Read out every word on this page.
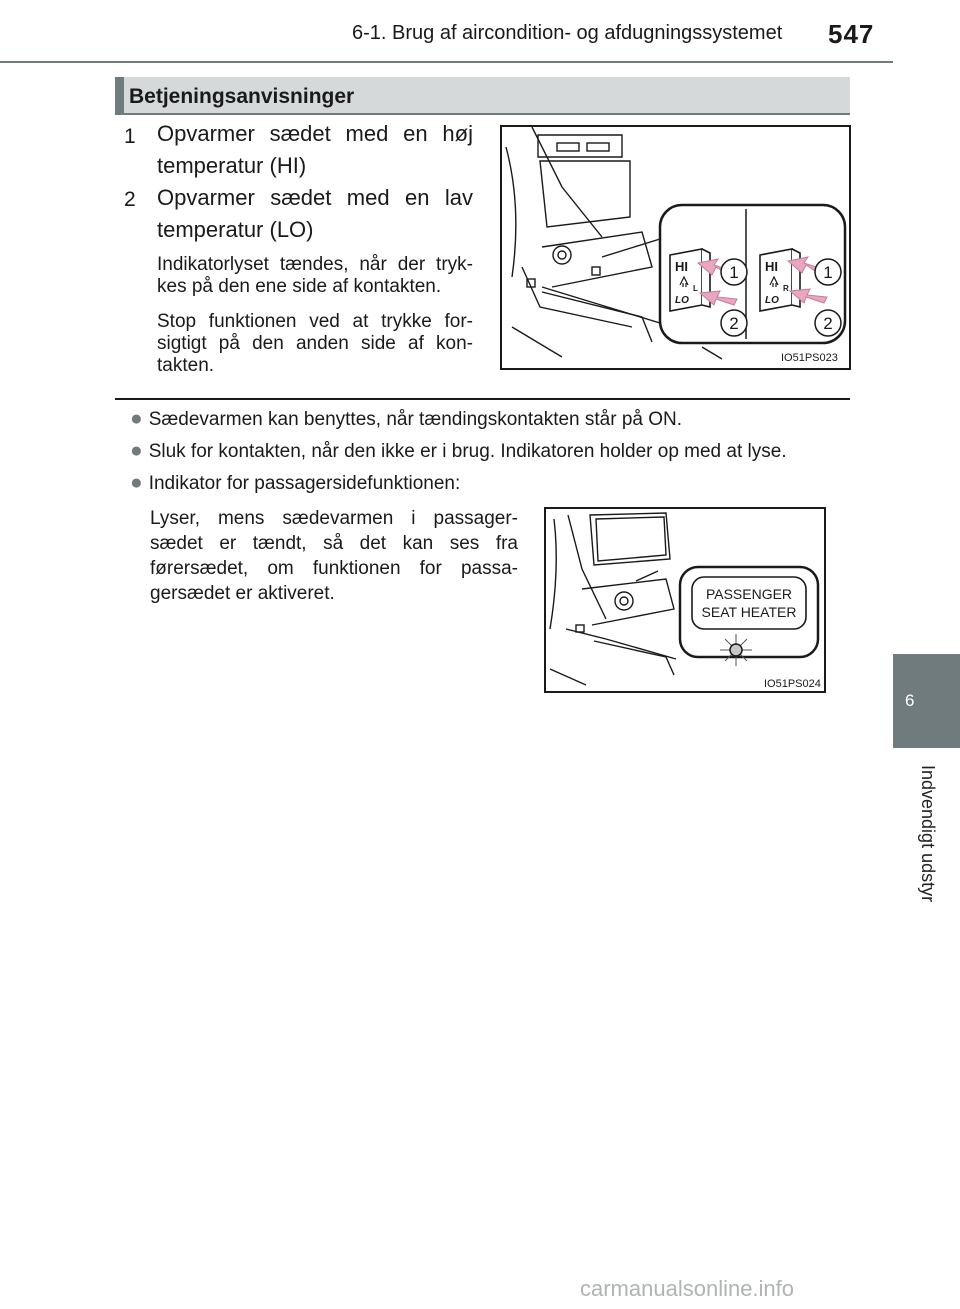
6-1. Brug af aircondition- og afdugningssystemet 547
6
Indvendigt udstyr
Betjeningsanvisninger
1 Opvarmer sædet med en høj temperatur (HI)
2 Opvarmer sædet med en lav temperatur (LO)
Indikatorlyset tændes, når der tryk-kes på den ene side af kontakten.
Stop funktionen ved at trykke for-sigtigt på den anden side af kon-takten.
HI
LO
L
HI
LO
R
1
2
1
2
IO51PS023
● Sædevarmen kan benyttes, når tændingskontakten står på ON.
● Sluk for kontakten, når den ikke er i brug. Indikatoren holder op med at lyse.
● Indikator for passagersidefunktionen:
Lyser, mens sædevarmen i passager-sædet er tændt, så det kan ses fra førersædet, om funktionen for passa-gersædet er aktiveret.	PASSENGER
SEAT HEATER
IO51PS024
carmanualsonline.info
